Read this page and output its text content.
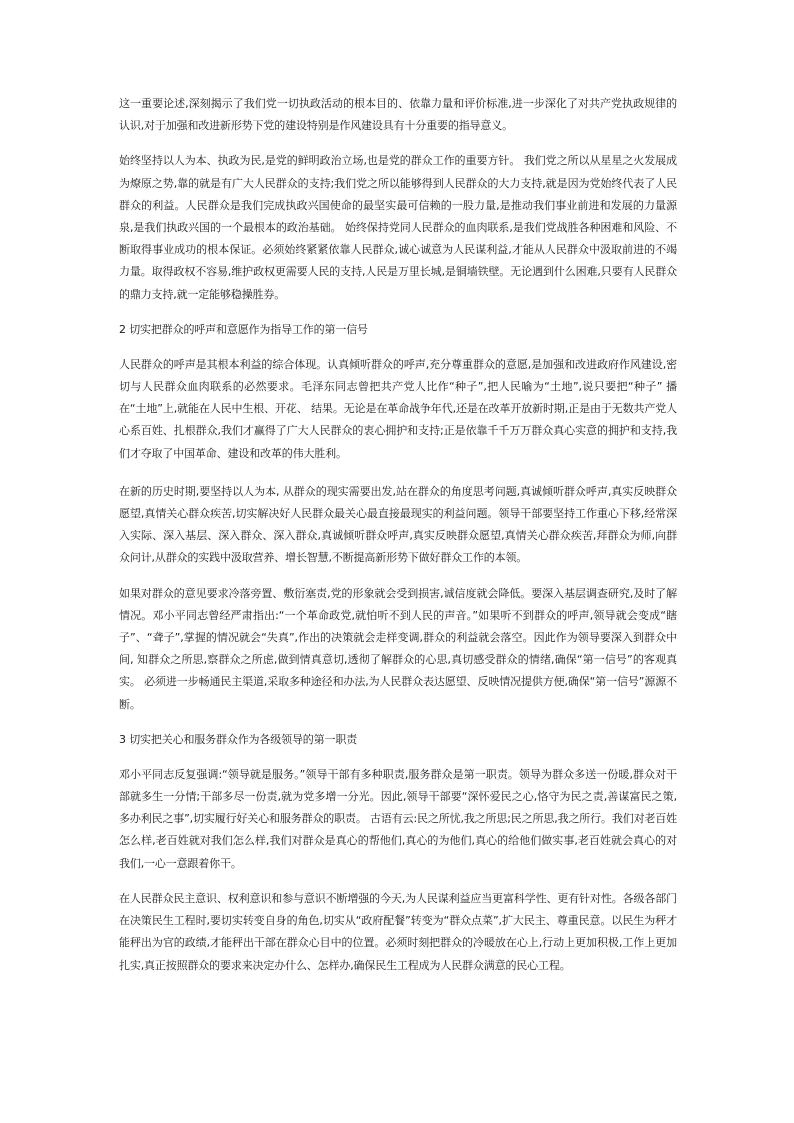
这一重要论述,深刻揭示了我们党一切执政活动的根本目的、依靠力量和评价标准,进一步深化了对共产党执政规律的认识,对于加强和改进新形势下党的建设特别是作风建设具有十分重要的指导意义。

始终坚持以人为本、执政为民,是党的鲜明政治立场,也是党的群众工作的重要方针。 我们党之所以从星星之火发展成为燎原之势,靠的就是有广大人民群众的支持;我们党之所以能够得到人民群众的大力支持,就是因为党始终代表了人民群众的利益。人民群众是我们完成执政兴国使命的最坚实最可信赖的一股力量,是推动我们事业前进和发展的力量源泉,是我们执政兴国的一个最根本的政治基础。 始终保持党同人民群众的血肉联系,是我们党战胜各种困难和风险、不断取得事业成功的根本保证。必须始终紧紧依靠人民群众,诚心诚意为人民谋利益,才能从人民群众中汲取前进的不竭力量。取得政权不容易,维护政权更需要人民的支持,人民是万里长城,是铜墙铁壁。无论遇到什么困难,只要有人民群众的鼎力支持,就一定能够稳操胜券。

2 切实把群众的呼声和意愿作为指导工作的第一信号

人民群众的呼声是其根本利益的综合体现。认真倾听群众的呼声,充分尊重群众的意愿,是加强和改进政府作风建设,密切与人民群众血肉联系的必然要求。毛泽东同志曾把共产党人比作“种子”,把人民喻为“土地”,说只要把“种子” 播在“土地”上,就能在人民中生根、开花、 结果。无论是在革命战争年代,还是在改革开放新时期,正是由于无数共产党人心系百姓、扎根群众,我们才赢得了广大人民群众的衷心拥护和支持;正是依靠千千万万群众真心实意的拥护和支持,我们才夺取了中国革命、建设和改革的伟大胜利。

在新的历史时期,要坚持以人为本, 从群众的现实需要出发,站在群众的角度思考问题,真诚倾听群众呼声,真实反映群众愿望,真情关心群众疾苦,切实解决好人民群众最关心最直接最现实的利益问题。领导干部要坚持工作重心下移,经常深入实际、深入基层、深入群众、深入群众,真诚倾听群众呼声,真实反映群众愿望,真情关心群众疾苦,拜群众为师,向群众问计,从群众的实践中汲取营养、增长智慧,不断提高新形势下做好群众工作的本领。

如果对群众的意见要求冷落旁置、敷衍塞责,党的形象就会受到损害,诚信度就会降低。要深入基层调查研究,及时了解情况。邓小平同志曾经严肃指出:“一个革命政党,就怕听不到人民的声音。”如果听不到群众的呼声,领导就会变成“瞎子”、“聋子”,掌握的情况就会“失真”,作出的决策就会走样变调,群众的利益就会落空。因此作为领导要深入到群众中间, 知群众之所思,察群众之所虑,做到情真意切,透彻了解群众的心思,真切感受群众的情绪,确保“第一信号”的客观真实。 必须进一步畅通民主渠道,采取多种途径和办法,为人民群众表达愿望、反映情况提供方便,确保“第一信号”源源不断。

3 切实把关心和服务群众作为各级领导的第一职责

邓小平同志反复强调:“领导就是服务。”领导干部有多种职责,服务群众是第一职责。领导为群众多送一份暖,群众对干部就多生一分情;干部多尽一份责,就为党多增一分光。因此,领导干部要“深怀爱民之心,恪守为民之责,善谋富民之策, 多办利民之事”,切实履行好关心和服务群众的职责。 古语有云:民之所忧,我之所思;民之所思,我之所行。我们对老百姓怎么样,老百姓就对我们怎么样,我们对群众是真心的帮他们,真心的为他们,真心的给他们做实事,老百姓就会真心的对我们,一心一意跟着你干。

在人民群众民主意识、权利意识和参与意识不断增强的今天,为人民谋利益应当更富科学性、更有针对性。各级各部门在决策民生工程时,要切实转变自身的角色,切实从“政府配餐”转变为“群众点菜”,扩大民主、尊重民意。以民生为秤才能秤出为官的政绩,才能秤出干部在群众心目中的位置。必须时刻把群众的冷暖放在心上,行动上更加积极,工作上更加扎实,真正按照群众的要求来决定办什么、怎样办,确保民生工程成为人民群众满意的民心工程。
